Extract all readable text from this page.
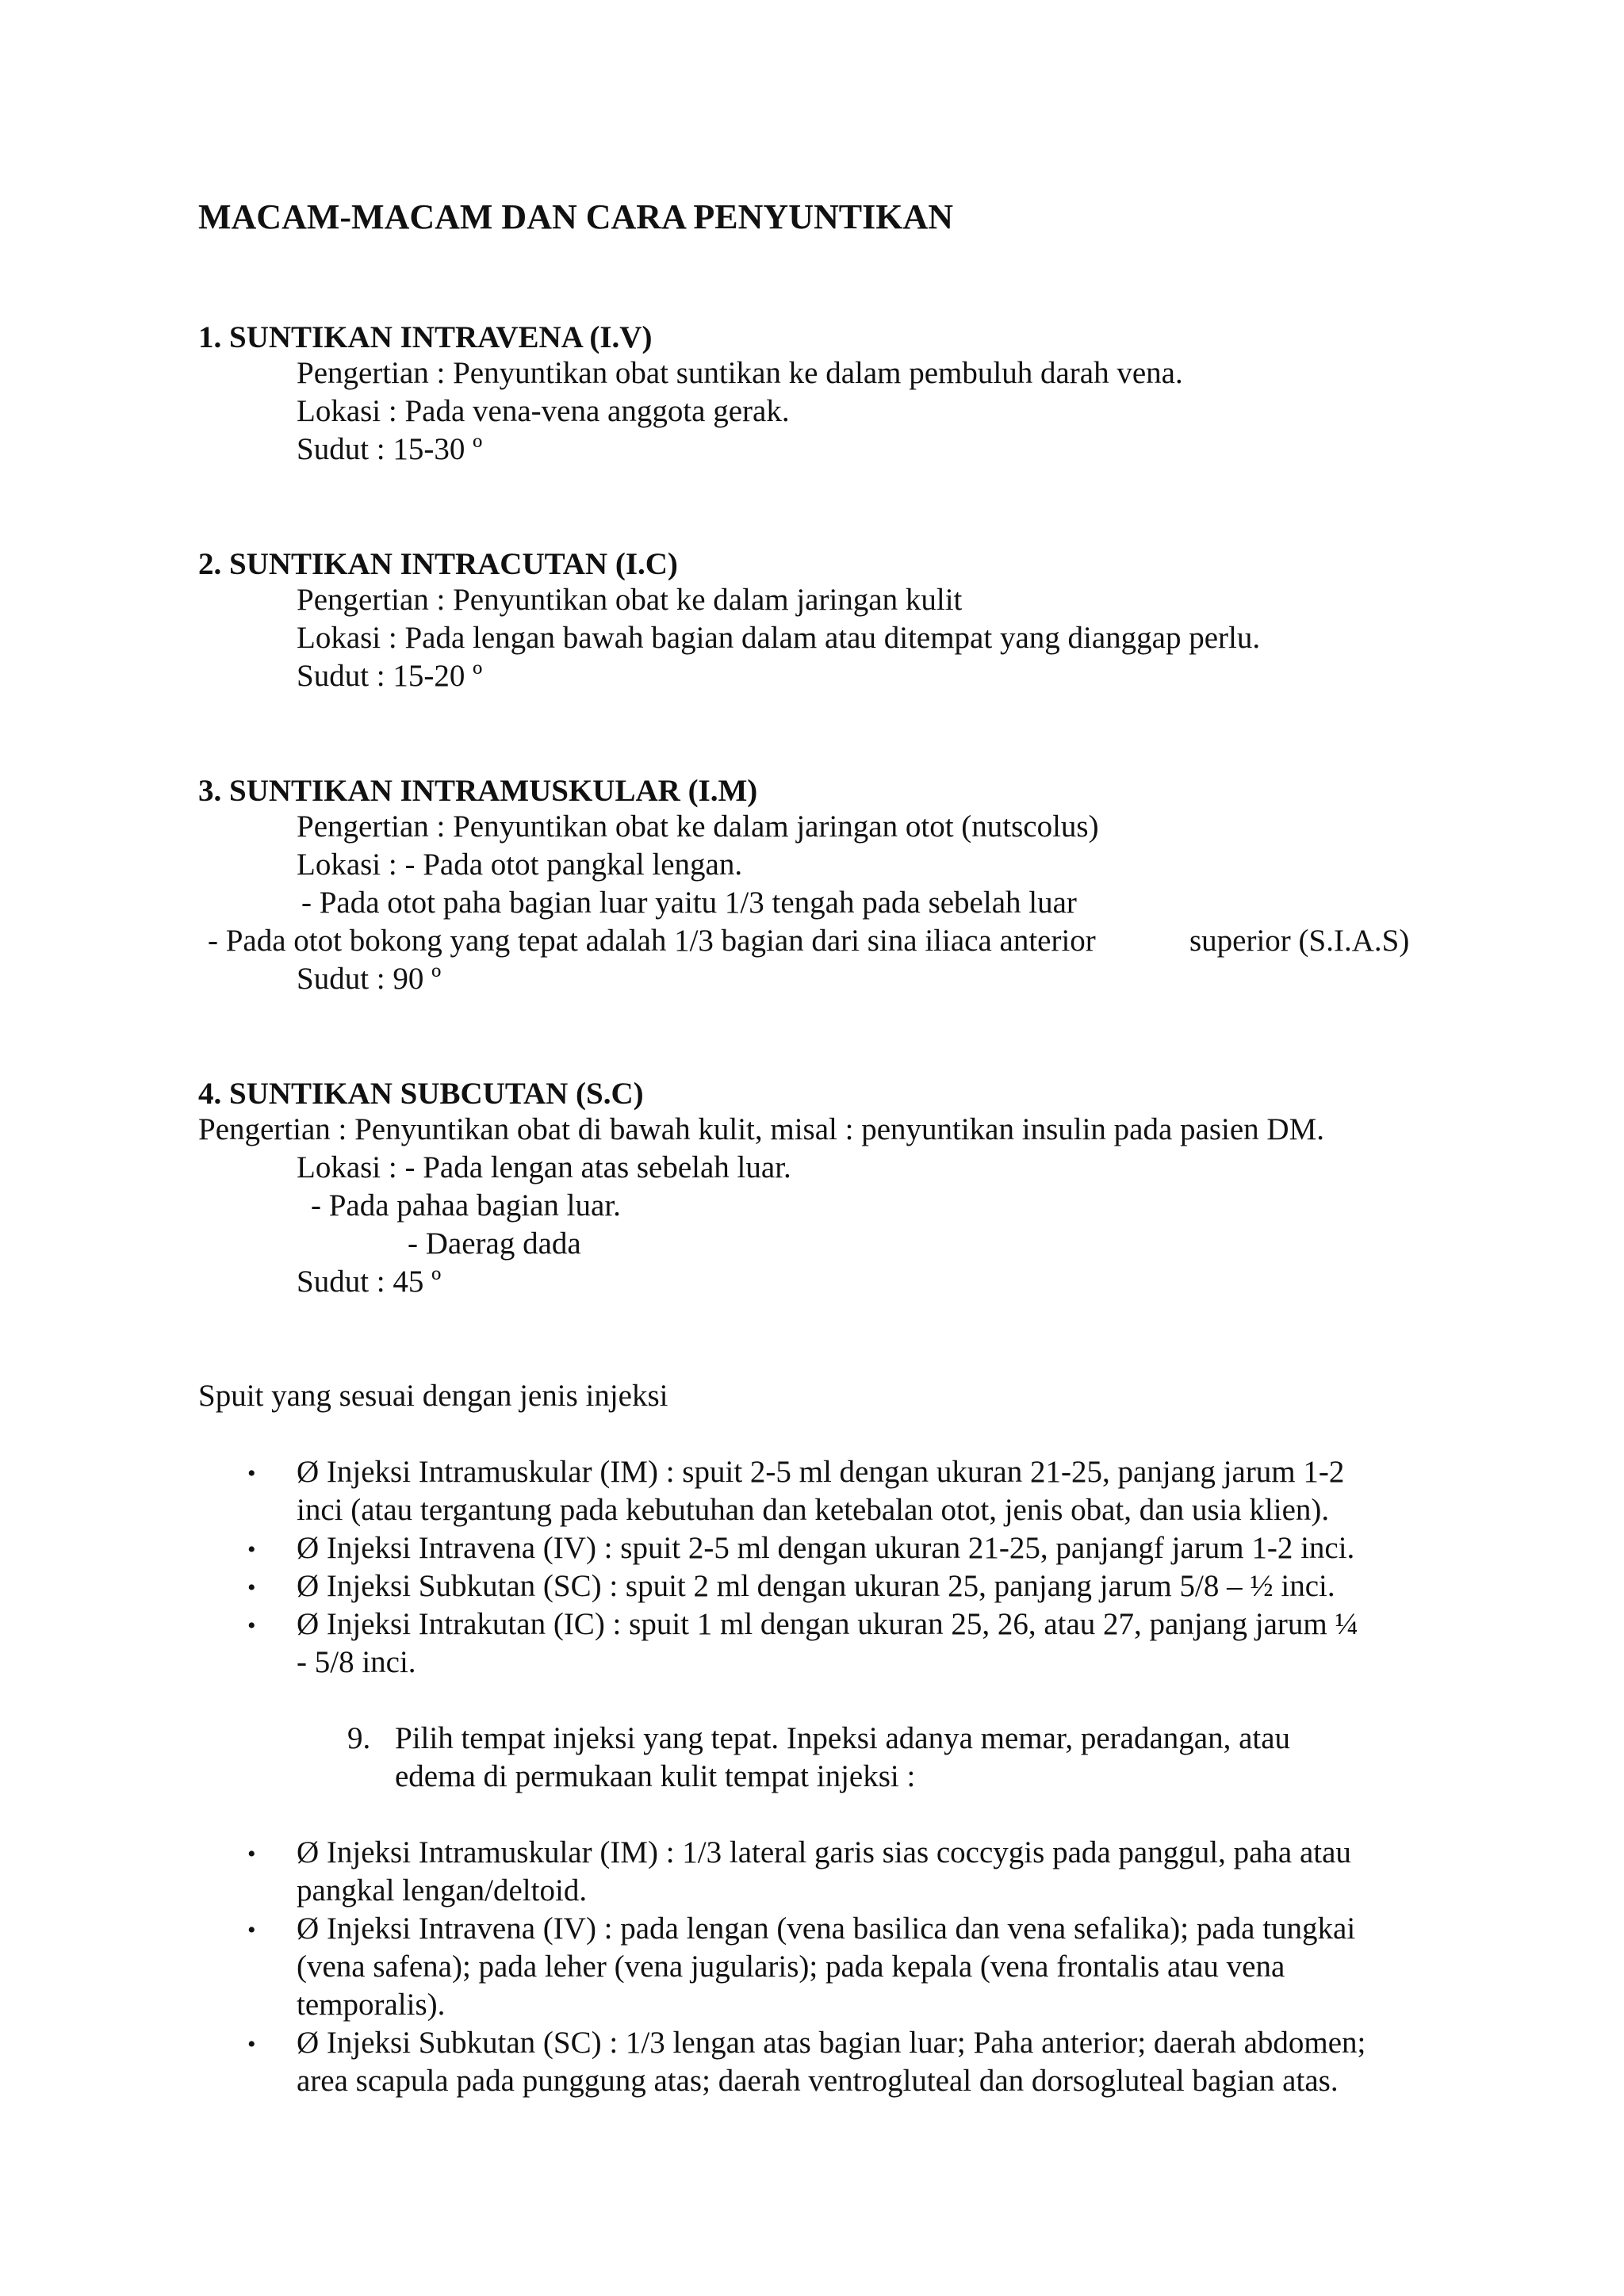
MACAM-MACAM DAN CARA PENYUNTIKAN
1. SUNTIKAN INTRAVENA (I.V)
Pengertian : Penyuntikan obat suntikan ke dalam pembuluh darah vena.
Lokasi : Pada vena-vena anggota gerak.
Sudut : 15-30 º
2. SUNTIKAN INTRACUTAN (I.C)
Pengertian : Penyuntikan obat ke dalam jaringan kulit
Lokasi : Pada lengan bawah bagian dalam atau ditempat yang dianggap perlu.
Sudut : 15-20 º
3. SUNTIKAN INTRAMUSKULAR (I.M)
Pengertian : Penyuntikan obat ke dalam jaringan otot (nutscolus)
Lokasi : - Pada otot pangkal lengan.
- Pada otot paha bagian luar yaitu 1/3 tengah pada sebelah luar
- Pada otot bokong yang tepat adalah 1/3 bagian dari sina iliaca anterior	superior (S.I.A.S)
Sudut : 90 º
4. SUNTIKAN SUBCUTAN (S.C)
Pengertian : Penyuntikan obat di bawah kulit, misal : penyuntikan insulin pada pasien DM.
Lokasi : - Pada lengan atas sebelah luar.
- Pada pahaa bagian luar.
- Daerag dada
Sudut : 45 º
Spuit yang sesuai dengan jenis injeksi
• Ø Injeksi Intramuskular (IM) : spuit 2-5 ml dengan ukuran 21-25, panjang jarum 1-2
inci (atau tergantung pada kebutuhan dan ketebalan otot, jenis obat, dan usia klien).
• Ø Injeksi Intravena (IV) : spuit 2-5 ml dengan ukuran 21-25, panjangf jarum 1-2 inci.
• Ø Injeksi Subkutan (SC) : spuit 2 ml dengan ukuran 25, panjang jarum 5/8 – ½ inci.
• Ø Injeksi Intrakutan (IC) : spuit 1 ml dengan ukuran 25, 26, atau 27, panjang jarum ¼
- 5/8 inci.
9. Pilih tempat injeksi yang tepat. Inpeksi adanya memar, peradangan, atau
edema di permukaan kulit tempat injeksi :
• Ø Injeksi Intramuskular (IM) : 1/3 lateral garis sias coccygis pada panggul, paha atau
pangkal lengan/deltoid.
• Ø Injeksi Intravena (IV) : pada lengan (vena basilica dan vena sefalika); pada tungkai
(vena safena); pada leher (vena jugularis); pada kepala (vena frontalis atau vena
temporalis).
• Ø Injeksi Subkutan (SC) : 1/3 lengan atas bagian luar; Paha anterior; daerah abdomen;
area scapula pada punggung atas; daerah ventrogluteal dan dorsogluteal bagian atas.
